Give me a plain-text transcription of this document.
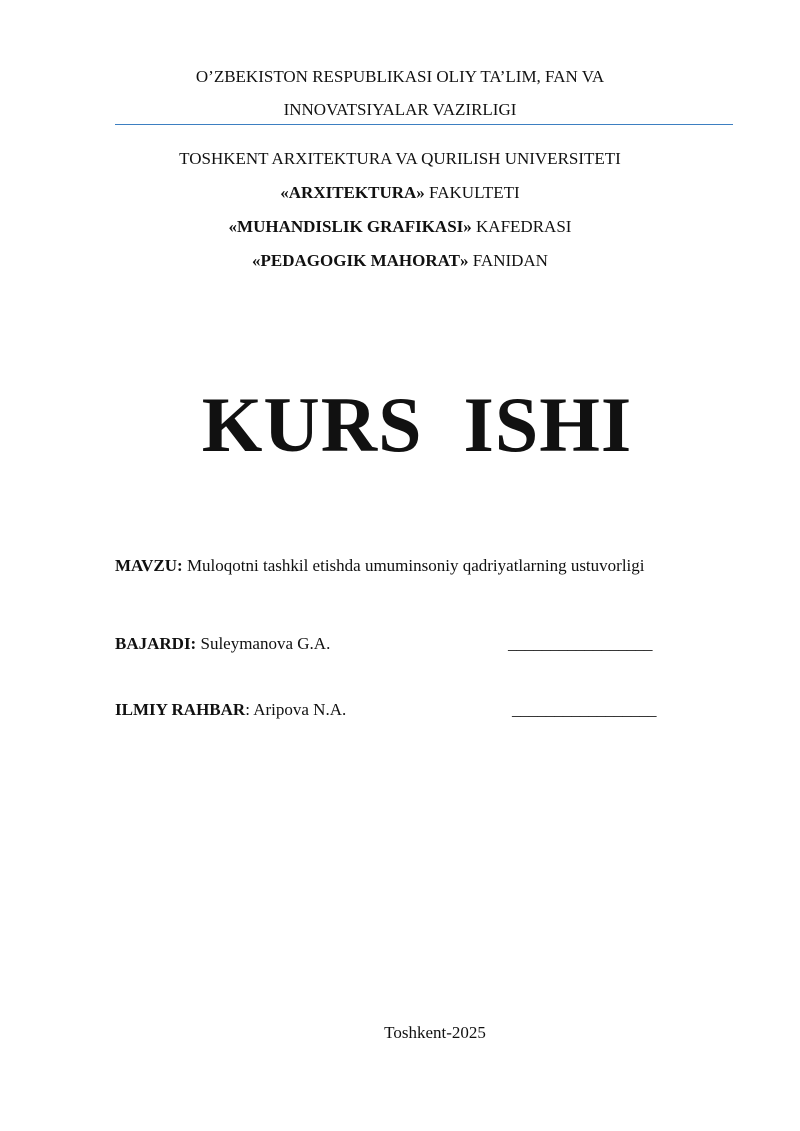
O’ZBEKISTON RESPUBLIKASI OLIY TA’LIM, FAN VA
INNOVATSIYALAR VAZIRLIGI
TOSHKENT ARXITEKTURA VA QURILISH UNIVERSITETI
«ARXITEKTURA» FAKULTETI
«MUHANDISLIK GRAFIKASI» KAFEDRASI
«PEDAGOGIK MAHORAT» FANIDAN
KURS  ISHI
MAVZU: Muloqotni tashkil etishda umuminsoniy qadriyatlarning ustuvorligi
BAJARDI: Suleymanova G.A.	_________________
ILMIY RAHBAR: Aripova N.A.	_________________
Toshkent-2025
